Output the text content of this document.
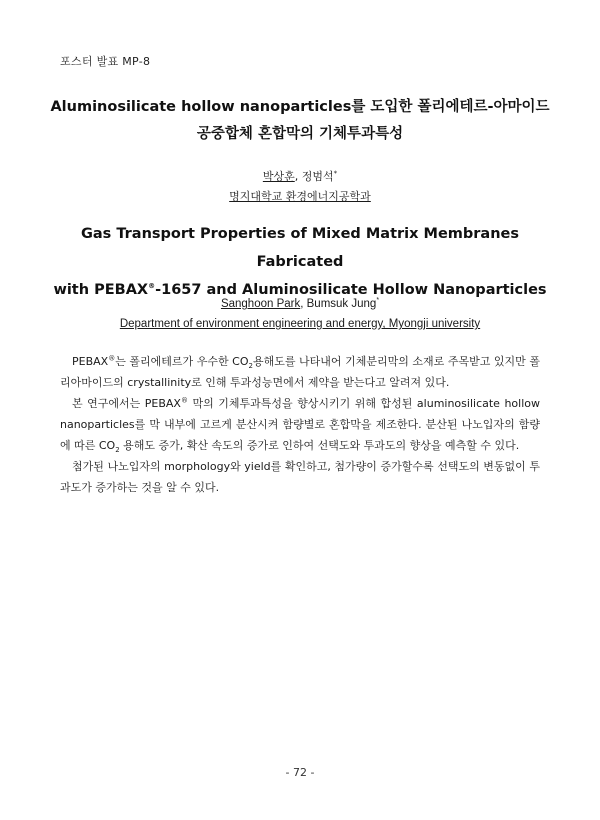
포스터 발표 MP-8
Aluminosilicate hollow nanoparticles를 도입한 폴리에테르-아마이드
공중합체 혼합막의 기체투과특성
박상훈, 정범석*
명지대학교 환경에너지공학과
Gas Transport Properties of Mixed Matrix Membranes Fabricated
with PEBAX®-1657 and Aluminosilicate Hollow Nanoparticles
Sanghoon Park, Bumsuk Jung*
Department of environment engineering and energy, Myongji university

PEBAX®는 폴리에테르가 우수한 $CO_2$용해도를 나타내어 기체분리막의 소재로 주목받고 있지만 폴리아마이드의 crystallinity로 인해 투과성능면에서 제약을 받는다고 알려져 있다.

본 연구에서는 PEBAX® 막의 기체투과특성을 향상시키기 위해 합성된 aluminosilicate hollow nanoparticles를 막 내부에 고르게 분산시켜 함량별로 혼합막을 제조한다. 분산된 나노입자의 함량에 따른 $CO_2$ 용해도 증가, 확산 속도의 증가로 인하여 선택도와 투과도의 향상을 예측할 수 있다.

첨가된 나노입자의 morphology와 yield를 확인하고, 첨가량이 증가할수록 선택도의 변동없이 투과도가 증가하는 것을 알 수 있다.

- 72 -
